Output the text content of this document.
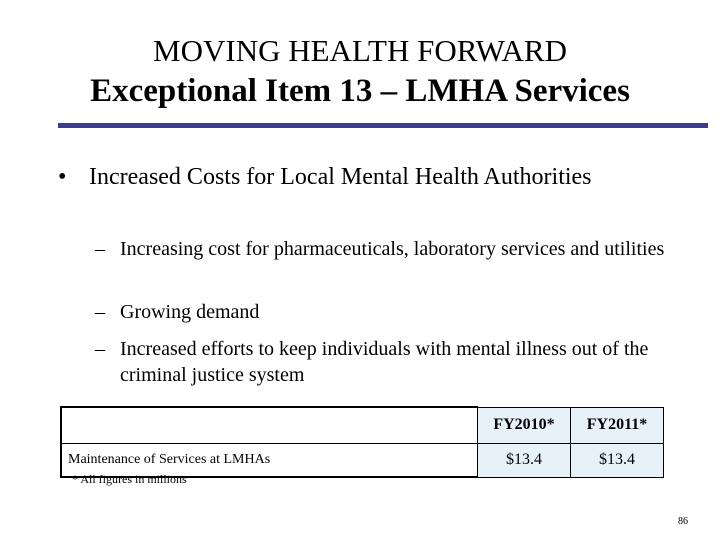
MOVING HEALTH FORWARD
Exceptional Item 13 – LMHA Services
• Increased Costs for Local Mental Health Authorities
– Increasing cost for pharmaceuticals, laboratory services and utilities
– Growing demand
– Increased efforts to keep individuals with mental illness out of the criminal justice system
	FY2010*	FY2011*
Maintenance of Services at LMHAs	$13.4	$13.4
* All figures in millions
86
